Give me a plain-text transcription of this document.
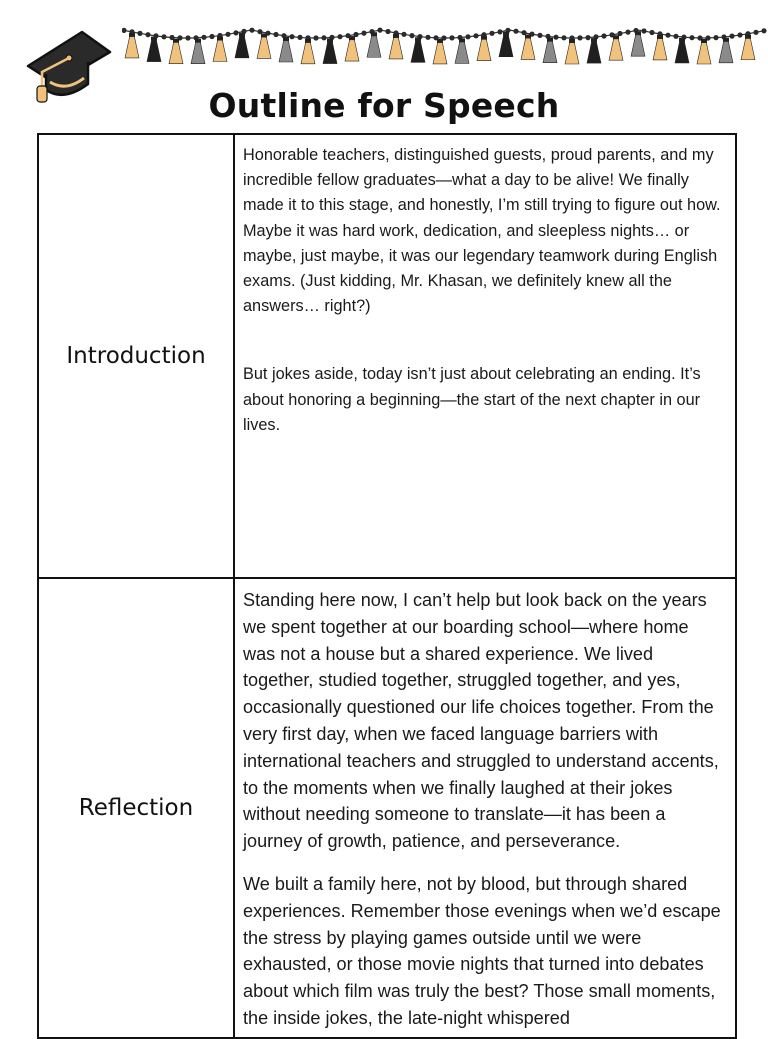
Outline for Speech
Introduction	Honorable teachers, distinguished guests, proud parents, and my incredible fellow graduates—what a day to be alive! We finally made it to this stage, and honestly, I’m still trying to figure out how. Maybe it was hard work, dedication, and sleepless nights… or maybe, just maybe, it was our legendary teamwork during English exams. (Just kidding, Mr. Khasan, we definitely knew all the answers… right?)

But jokes aside, today isn’t just about celebrating an ending. It’s about honoring a beginning—the start of the next chapter in our lives.

Reflection	Standing here now, I can’t help but look back on the years we spent together at our boarding school—where home was not a house but a shared experience. We lived together, studied together, struggled together, and yes, occasionally questioned our life choices together. From the very first day, when we faced language barriers with international teachers and struggled to understand accents, to the moments when we finally laughed at their jokes without needing someone to translate—it has been a journey of growth, patience, and perseverance.

We built a family here, not by blood, but through shared experiences. Remember those evenings when we’d escape the stress by playing games outside until we were exhausted, or those movie nights that turned into debates about which film was truly the best? Those small moments, the inside jokes, the late-night whispered
